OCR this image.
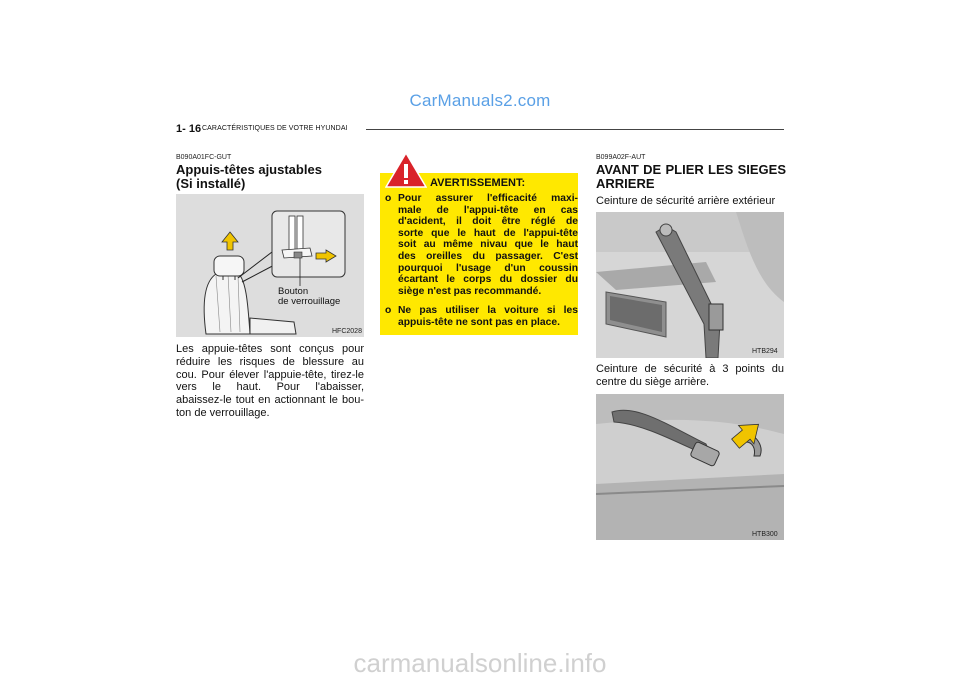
CarManuals2.com
1- 16 CARACTÉRISTIQUES DE VOTRE HYUNDAI
B090A01FC-GUT
Appuis-têtes ajustables
(Si installé)
Bouton
de verrouillage
HFC2028
Les appuie-têtes sont conçus pour
réduire les risques de blessure au
cou. Pour élever l'appuie-tête, tirez-le
vers le haut. Pour l'abaisser,
abaissez-le tout en actionnant le bou-
ton de verrouillage.
AVERTISSEMENT:
o Pour assurer l'efficacité maxi-
male de l'appui-tête en cas
d'acident, il doit être réglé de
sorte que le haut de l'appui-tête
soit au même nivau que le haut
des oreilles du passager. C'est
pourquoi l'usage d'un coussin
écartant le corps du dossier du
siège n'est pas recommandé.
o Ne pas utiliser la voiture si les
appuis-tête ne sont pas en place.
B099A02F-AUT
AVANT DE PLIER LES SIEGES
ARRIERE
Ceinture de sécurité arrière extérieur
HTB294
Ceinture de sécurité à 3 points du
centre du siège arrière.
HTB300
carmanualsonline.info
